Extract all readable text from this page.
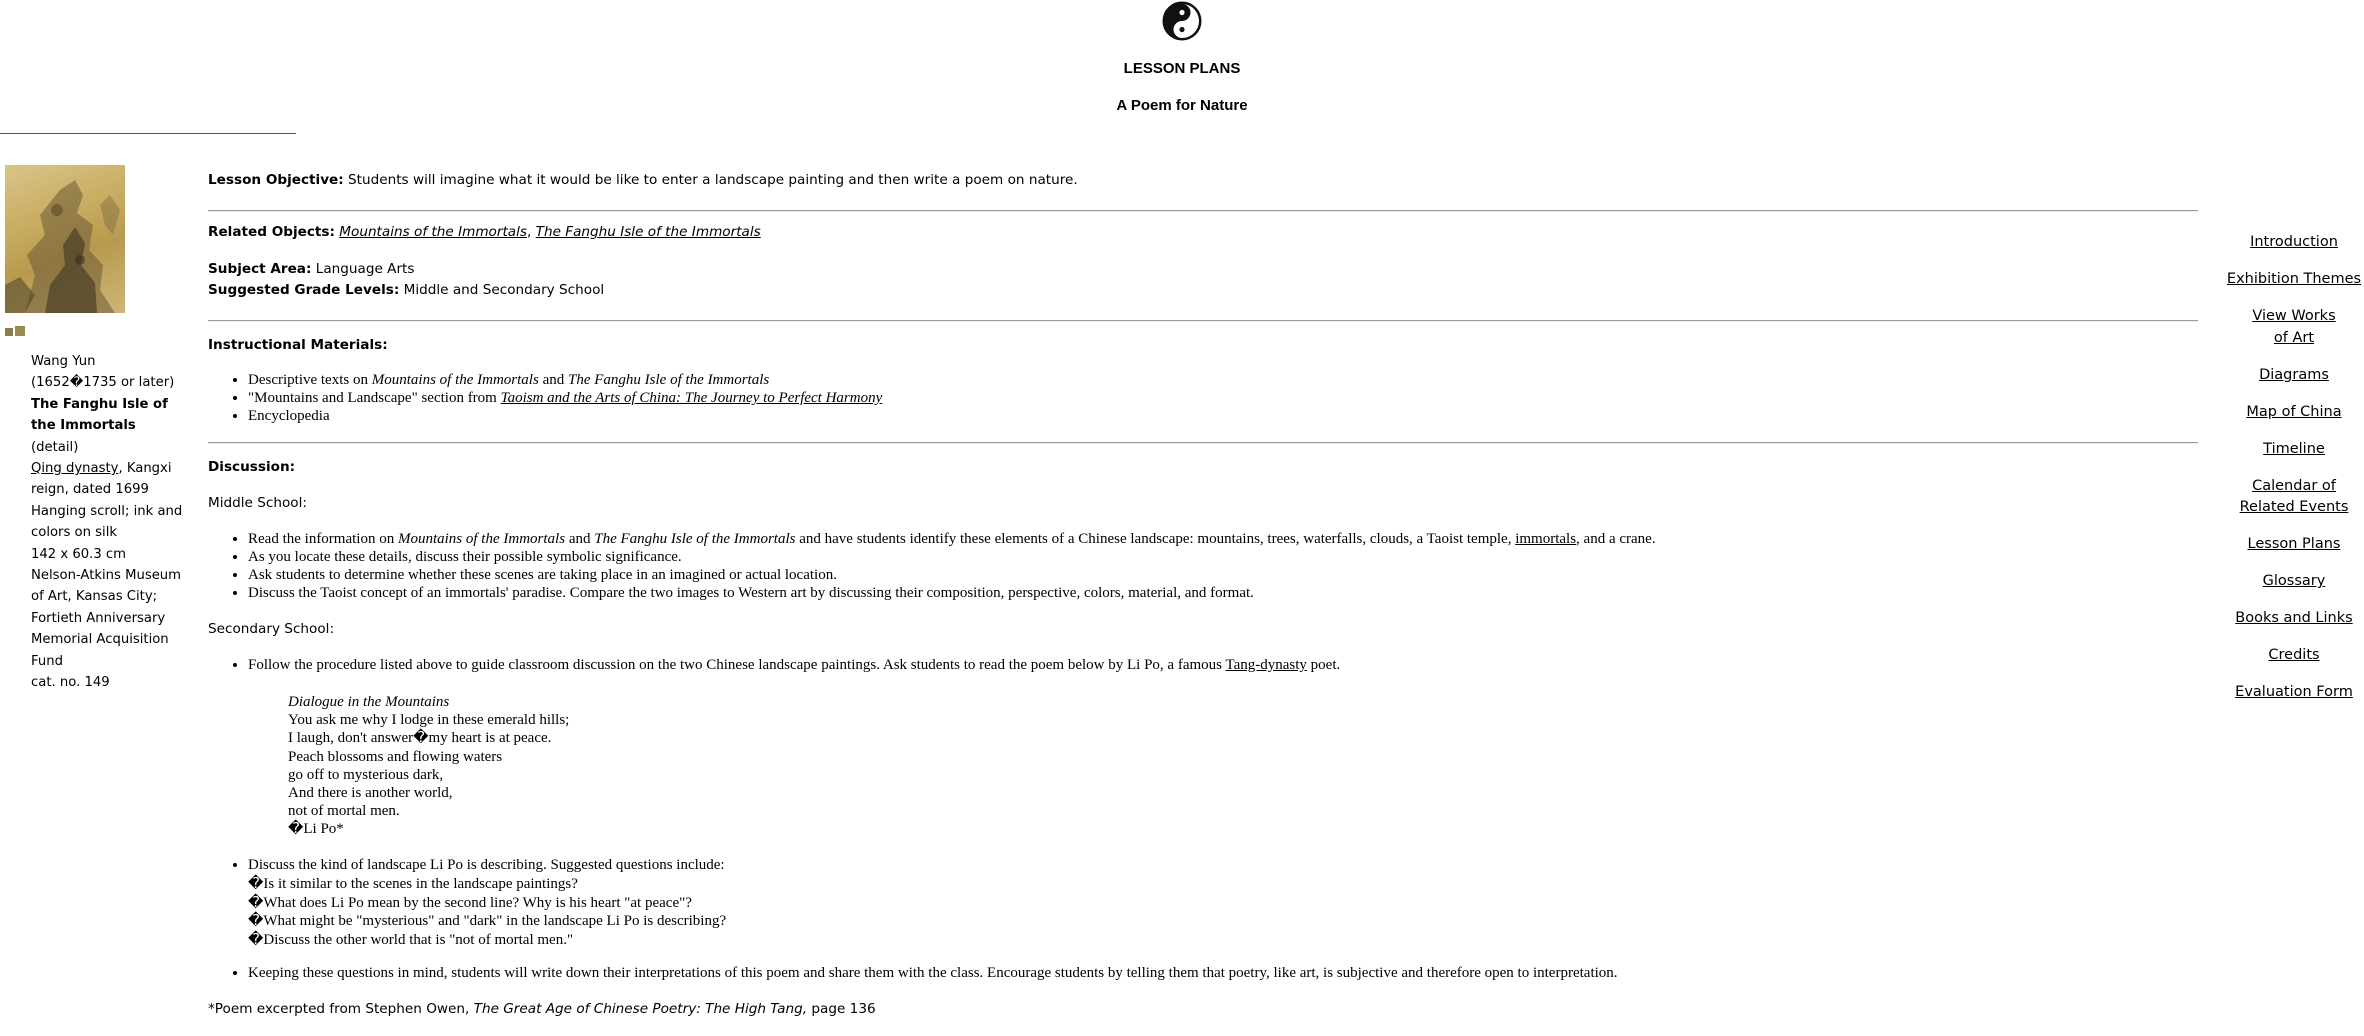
LESSON PLANS
A Poem for Nature
Wang Yun
(1652�1735 or later)
The Fanghu Isle of
the Immortals
(detail)
Qing dynasty, Kangxi
reign, dated 1699
Hanging scroll; ink and
colors on silk
142 x 60.3 cm
Nelson-Atkins Museum
of Art, Kansas City;
Fortieth Anniversary
Memorial Acquisition
Fund
cat. no. 149
Lesson Objective: Students will imagine what it would be like to enter a landscape painting and then write a poem on nature.
Related Objects: Mountains of the Immortals, The Fanghu Isle of the Immortals
Subject Area: Language Arts
Suggested Grade Levels: Middle and Secondary School
Instructional Materials:
• Descriptive texts on Mountains of the Immortals and The Fanghu Isle of the Immortals
• "Mountains and Landscape" section from Taoism and the Arts of China: The Journey to Perfect Harmony
• Encyclopedia
Discussion:
Middle School:
• Read the information on Mountains of the Immortals and The Fanghu Isle of the Immortals and have students identify these elements of a Chinese landscape: mountains, trees, waterfalls, clouds, a Taoist temple, immortals, and a crane.
• As you locate these details, discuss their possible symbolic significance.
• Ask students to determine whether these scenes are taking place in an imagined or actual location.
• Discuss the Taoist concept of an immortals' paradise. Compare the two images to Western art by discussing their composition, perspective, colors, material, and format.
Secondary School:
• Follow the procedure listed above to guide classroom discussion on the two Chinese landscape paintings. Ask students to read the poem below by Li Po, a famous Tang-dynasty poet.
Dialogue in the Mountains
You ask me why I lodge in these emerald hills;
I laugh, don't answer�my heart is at peace.
Peach blossoms and flowing waters
go off to mysterious dark,
And there is another world,
not of mortal men.
�Li Po*
• Discuss the kind of landscape Li Po is describing. Suggested questions include:
�Is it similar to the scenes in the landscape paintings?
�What does Li Po mean by the second line? Why is his heart "at peace"?
�What might be "mysterious" and "dark" in the landscape Li Po is describing?
�Discuss the other world that is "not of mortal men."
• Keeping these questions in mind, students will write down their interpretations of this poem and share them with the class. Encourage students by telling them that poetry, like art, is subjective and therefore open to interpretation.
*Poem excerpted from Stephen Owen, The Great Age of Chinese Poetry: The High Tang, page 136
Introduction
Exhibition Themes
View Works
of Art
Diagrams
Map of China
Timeline
Calendar of
Related Events
Lesson Plans
Glossary
Books and Links
Credits
Evaluation Form
